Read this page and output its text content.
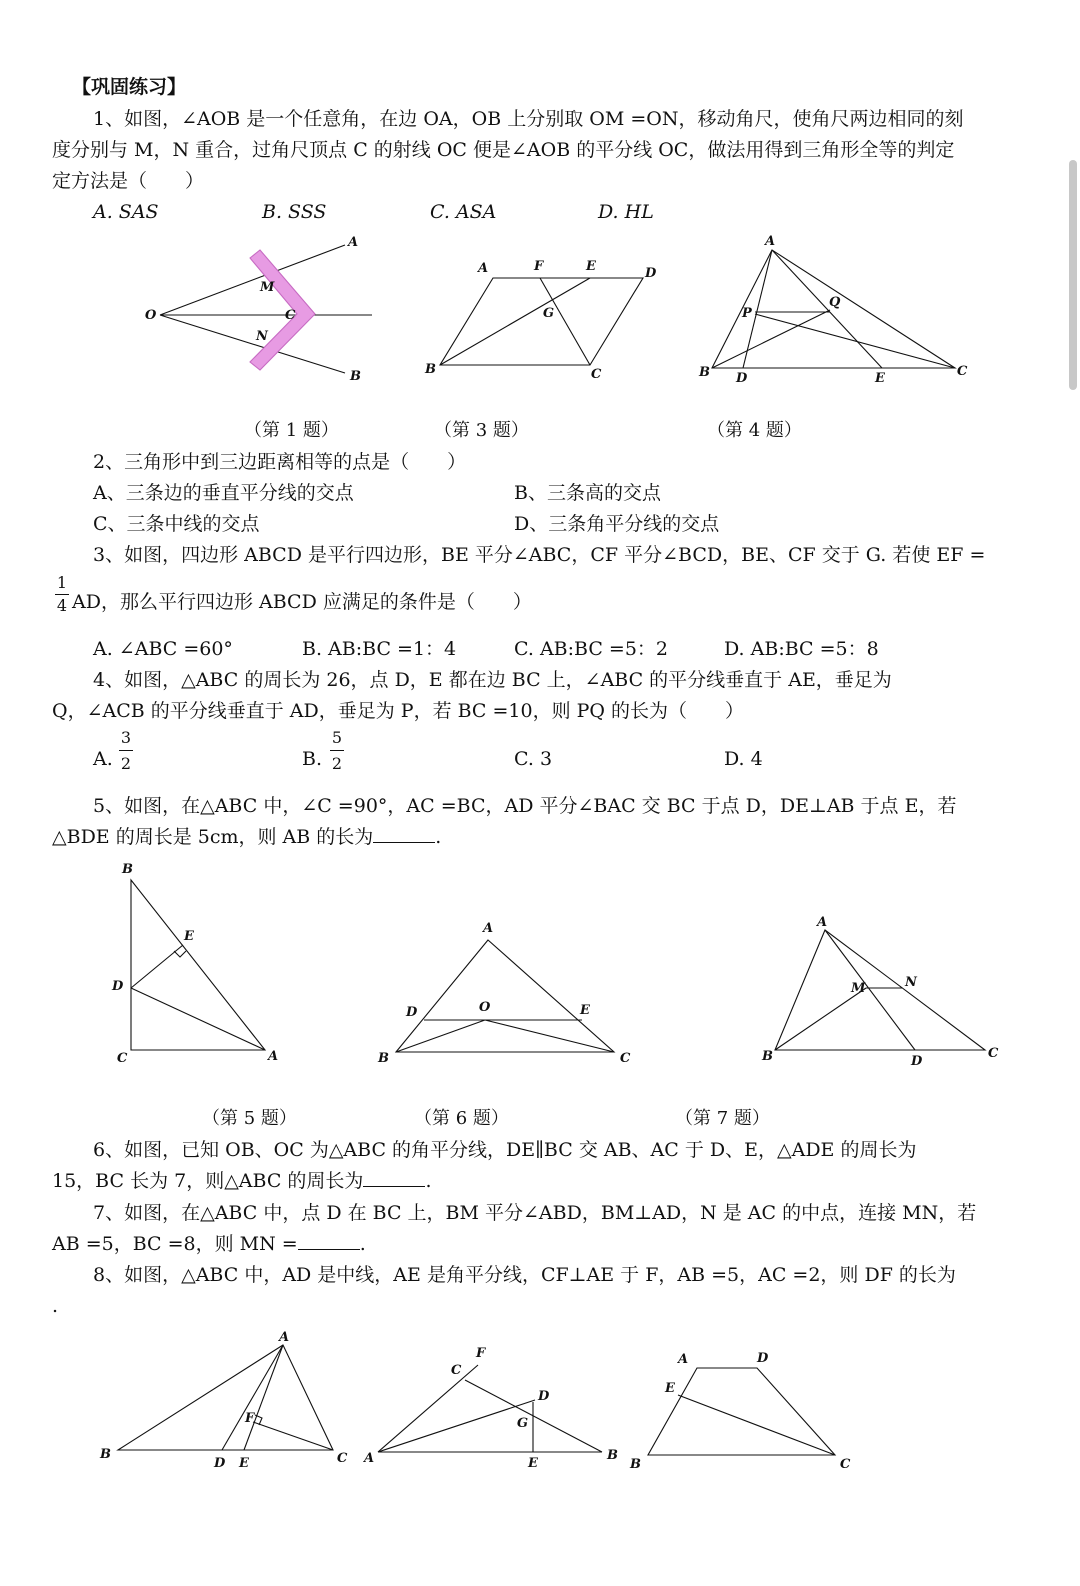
【巩固练习】
1、如图，∠AOB 是一个任意角，在边 OA，OB 上分别取 OM =ON，移动角尺，使角尺两边相同的刻
度分别与 M，N 重合，过角尺顶点 C 的射线 OC 便是∠AOB 的平分线 OC，做法用得到三角形全等的判定
定方法是（　　）
A. SAS	B. SSS	C. ASA	D. HL
A
M
O	C
N
B
A	F	E	D
G
B	C
A
Q
P
B D	E	C
B
E
D
C	A
A
D	O	E
B	C
A
N
M
B	D
C
A
F
B
D E	C
F
C
D
G
A	E
B
A	D
E
B	C
（第 1 题）	（第 3 题）	（第 4 题）
2、三角形中到三边距离相等的点是（　　）
A、三条边的垂直平分线的交点	B、三条高的交点
C、三条中线的交点	D、三条角平分线的交点
3、如图，四边形 ABCD 是平行四边形，BE 平分∠ABC，CF 平分∠BCD，BE、CF 交于 G. 若使 EF =
1
4 AD，那么平行四边形 ABCD 应满足的条件是（　　）
A. ∠ABC =60°	B. AB:BC =1：4	C. AB:BC =5：2	D. AB:BC =5：8
4、如图，△ABC 的周长为 26，点 D，E 都在边 BC 上，∠ABC 的平分线垂直于 AE，垂足为
Q，∠ACB 的平分线垂直于 AD，垂足为 P，若 BC =10，则 PQ 的长为（　　）
A.
3
2	B.
5
2	C. 3	D. 4
5、如图，在△ABC 中，∠C =90°，AC =BC，AD 平分∠BAC 交 BC 于点 D，DE⊥AB 于点 E，若
△BDE 的周长是 5cm，则 AB 的长为	.
（第 5 题）	（第 6 题）	（第 7 题）
6、如图，已知 OB、OC 为△ABC 的角平分线，DE∥BC 交 AB、AC 于 D、E，△ADE 的周长为
15，BC 长为 7，则△ABC 的周长为	.
7、如图，在△ABC 中，点 D 在 BC 上，BM 平分∠ABD，BM⊥AD，N 是 AC 的中点，连接 MN，若
AB =5，BC =8，则 MN =	.
8、如图，△ABC 中，AD 是中线，AE 是角平分线，CF⊥AE 于 F，AB =5，AC =2，则 DF 的长为
.
